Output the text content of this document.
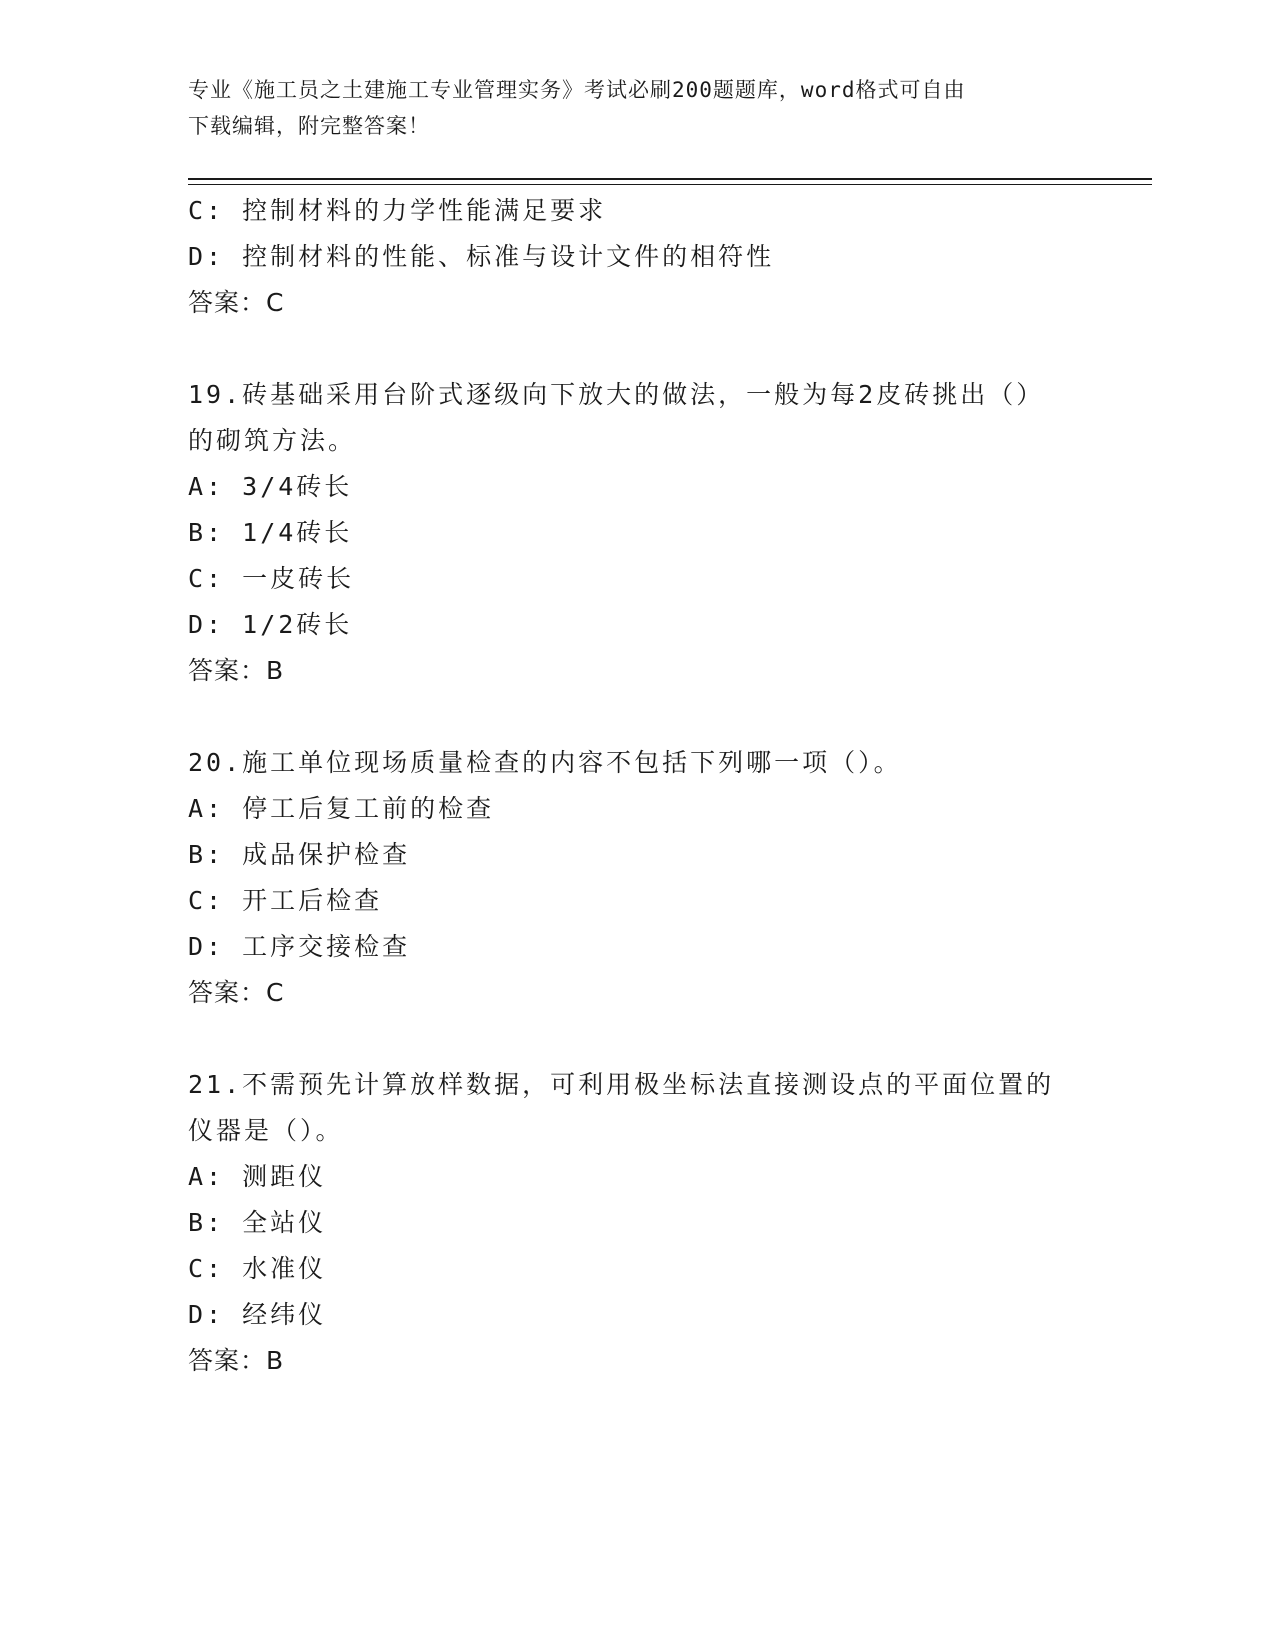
专业《施工员之土建施工专业管理实务》考试必刷200题题库，word格式可自由
下载编辑，附完整答案！
C: 控制材料的力学性能满足要求
D: 控制材料的性能、标准与设计文件的相符性
答案：C
19.砖基础采用台阶式逐级向下放大的做法，一般为每2皮砖挑出（）
的砌筑方法。
A: 3/4砖长
B: 1/4砖长
C: 一皮砖长
D: 1/2砖长
答案：B
20.施工单位现场质量检查的内容不包括下列哪一项（）。
A: 停工后复工前的检查
B: 成品保护检查
C: 开工后检查
D: 工序交接检查
答案：C
21.不需预先计算放样数据，可利用极坐标法直接测设点的平面位置的
仪器是（）。
A: 测距仪
B: 全站仪
C: 水准仪
D: 经纬仪
答案：B
